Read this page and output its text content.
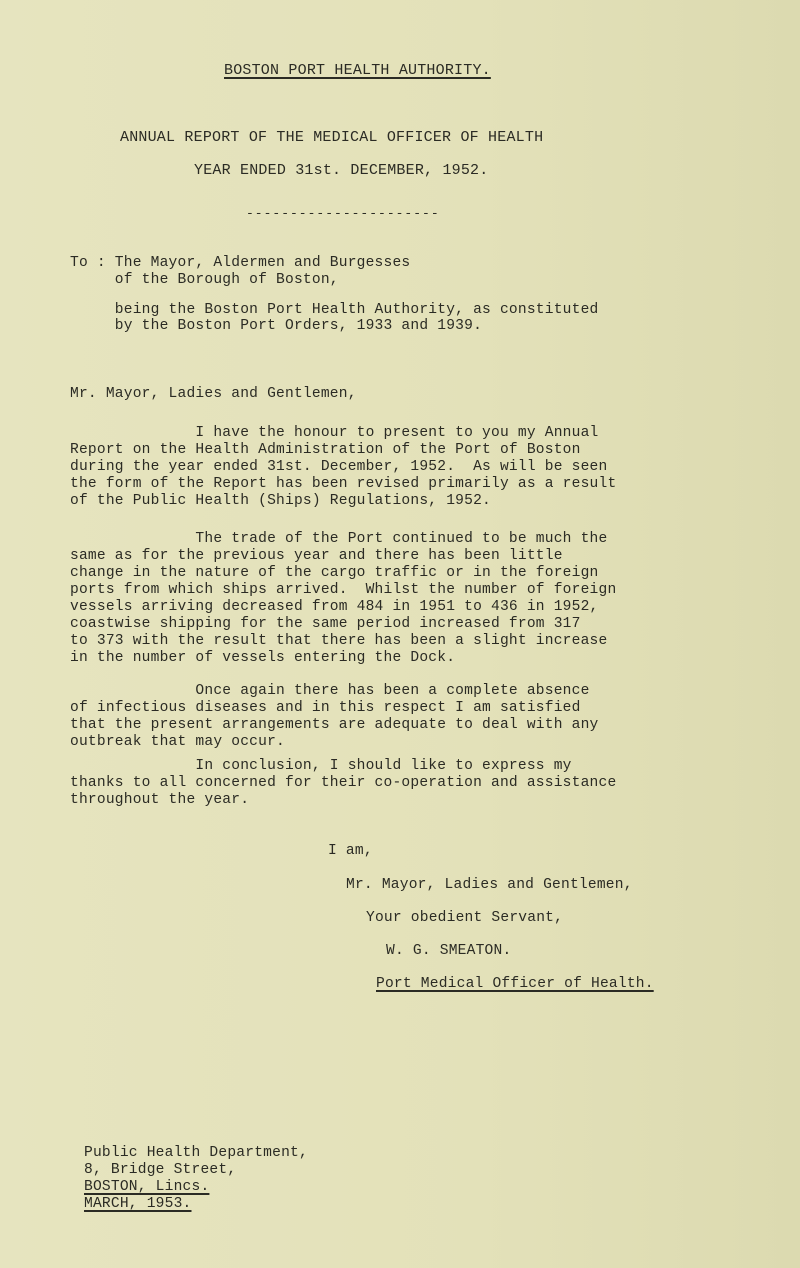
BOSTON PORT HEALTH AUTHORITY.
ANNUAL REPORT OF THE MEDICAL OFFICER OF HEALTH
YEAR ENDED 31st. DECEMBER, 1952.
----------------------
To : The Mayor, Aldermen and Burgesses
of the Borough of Boston,
being the Boston Port Health Authority, as constituted
by the Boston Port Orders, 1933 and 1939.
Mr. Mayor, Ladies and Gentlemen,
I have the honour to present to you my Annual
Report on the Health Administration of the Port of Boston
during the year ended 31st. December, 1952.  As will be seen
the form of the Report has been revised primarily as a result
of the Public Health (Ships) Regulations, 1952.
The trade of the Port continued to be much the
same as for the previous year and there has been little
change in the nature of the cargo traffic or in the foreign
ports from which ships arrived.  Whilst the number of foreign
vessels arriving decreased from 484 in 1951 to 436 in 1952,
coastwise shipping for the same period increased from 317
to 373 with the result that there has been a slight increase
in the number of vessels entering the Dock.
Once again there has been a complete absence
of infectious diseases and in this respect I am satisfied
that the present arrangements are adequate to deal with any
outbreak that may occur.
In conclusion, I should like to express my
thanks to all concerned for their co-operation and assistance
throughout the year.
I am,
Mr. Mayor, Ladies and Gentlemen,
Your obedient Servant,
W. G. SMEATON.
Port Medical Officer of Health.
Public Health Department,
8, Bridge Street,
BOSTON, Lincs.
MARCH, 1953.
